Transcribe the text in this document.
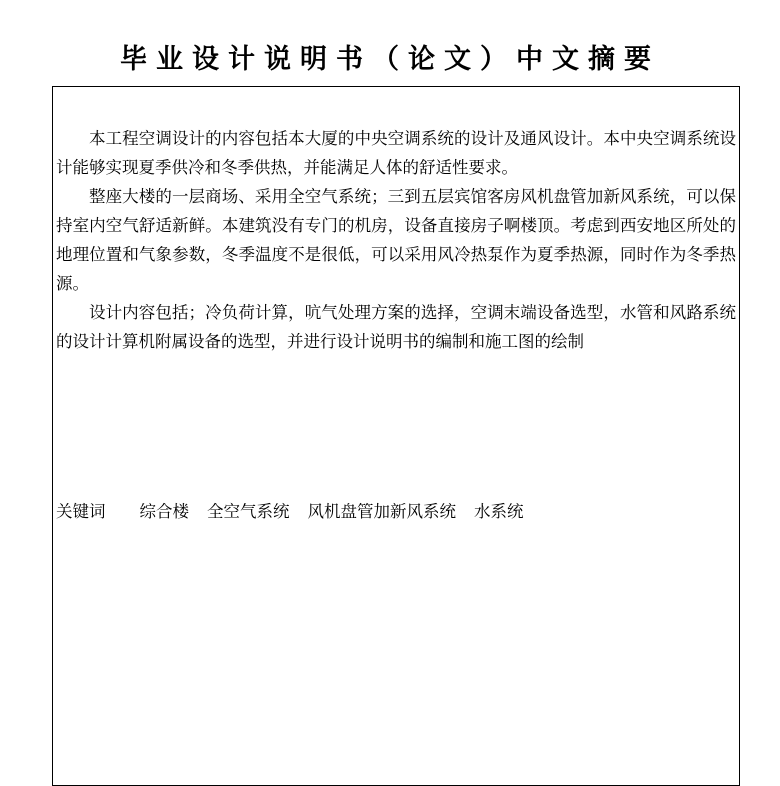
毕业设计说明书（论文）中文摘要

本工程空调设计的内容包括本大厦的中央空调系统的设计及通风设计。本中央空调系统设计能够实现夏季供冷和冬季供热，并能满足人体的舒适性要求。

整座大楼的一层商场、采用全空气系统；三到五层宾馆客房风机盘管加新风系统，可以保持室内空气舒适新鲜。本建筑没有专门的机房，设备直接房子啊楼顶。考虑到西安地区所处的地理位置和气象参数，冬季温度不是很低，可以采用风冷热泵作为夏季热源，同时作为冬季热源。

设计内容包括；冷负荷计算，吭气处理方案的选择，空调末端设备选型，水管和风路系统的设计计算机附属设备的选型，并进行设计说明书的编制和施工图的绘制

关键词 综合楼 全空气系统 风机盘管加新风系统 水系统
